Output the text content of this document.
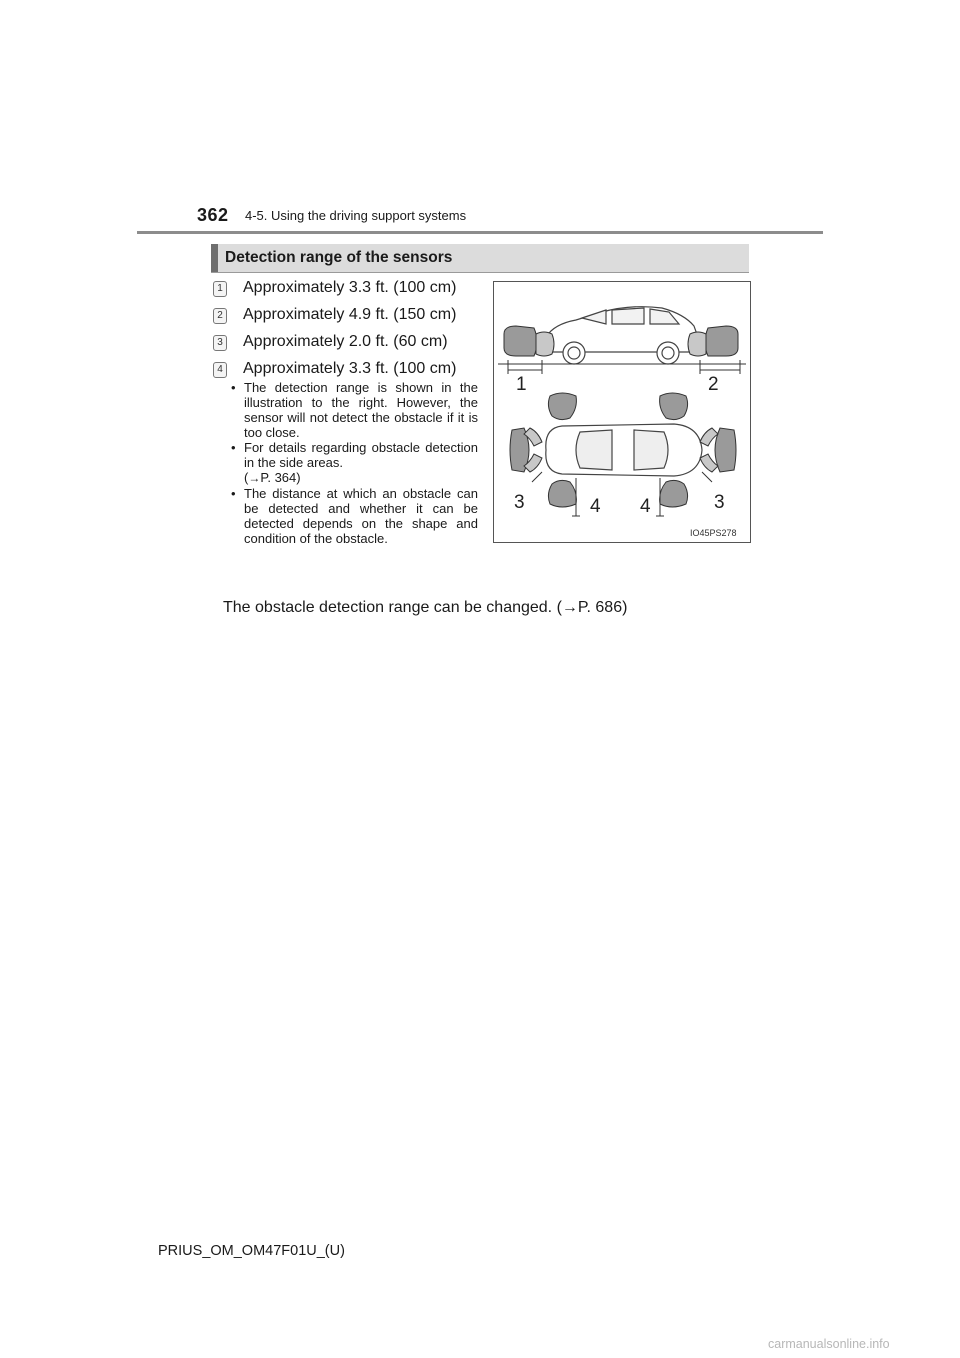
362 4-5. Using the driving support systems
Detection range of the sensors
1 Approximately 3.3 ft. (100 cm)
2 Approximately 4.9 ft. (150 cm)
3 Approximately 2.0 ft. (60 cm)
4 Approximately 3.3 ft. (100 cm)
• The detection range is shown in the illustration to the right. However, the sensor will not detect the obstacle if it is too close.
• For details regarding obstacle detection in the side areas.
(→P. 364)
• The distance at which an obstacle can be detected and whether it can be detected depends on the shape and condition of the obstacle.
1	2
3	4 4	3
IO45PS278
The obstacle detection range can be changed. (→P. 686)
PRIUS_OM_OM47F01U_(U)
carmanualsonline.info
